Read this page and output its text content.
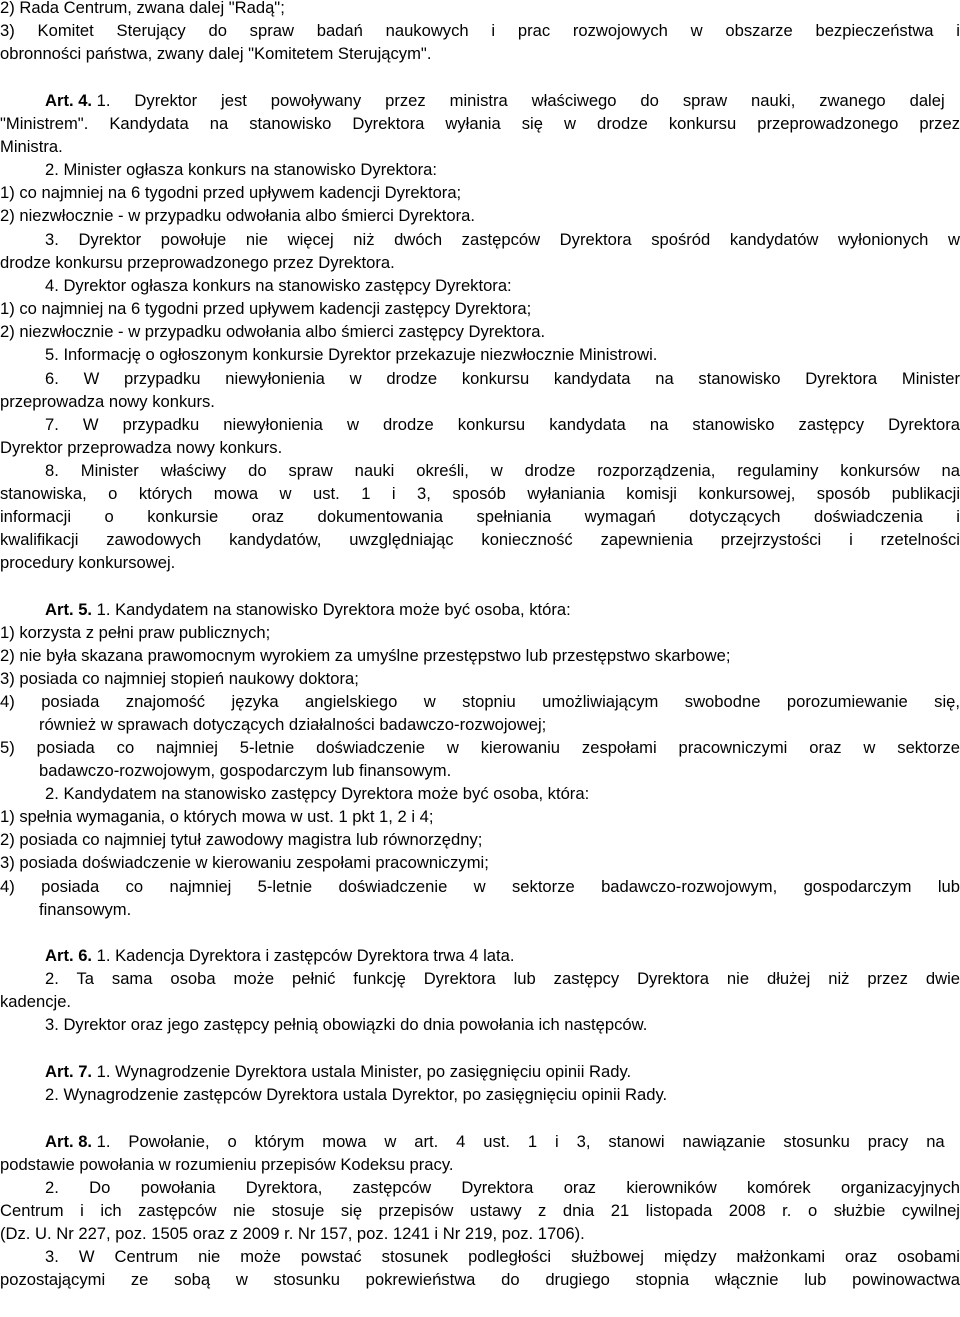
2) Rada Centrum, zwana dalej "Radą";
3) Komitet Sterujący do spraw badań naukowych i prac rozwojowych w obszarze bezpieczeństwa i
obronności państwa, zwany dalej "Komitetem Sterującym".
Art. 4. 1. Dyrektor jest powoływany przez ministra właściwego do spraw nauki, zwanego dalej
"Ministrem". Kandydata na stanowisko Dyrektora wyłania się w drodze konkursu przeprowadzonego przez
Ministra.
2. Minister ogłasza konkurs na stanowisko Dyrektora:
1) co najmniej na 6 tygodni przed upływem kadencji Dyrektora;
2) niezwłocznie - w przypadku odwołania albo śmierci Dyrektora.
3. Dyrektor powołuje nie więcej niż dwóch zastępców Dyrektora spośród kandydatów wyłonionych w
drodze konkursu przeprowadzonego przez Dyrektora.
4. Dyrektor ogłasza konkurs na stanowisko zastępcy Dyrektora:
1) co najmniej na 6 tygodni przed upływem kadencji zastępcy Dyrektora;
2) niezwłocznie - w przypadku odwołania albo śmierci zastępcy Dyrektora.
5. Informację o ogłoszonym konkursie Dyrektor przekazuje niezwłocznie Ministrowi.
6. W przypadku niewyłonienia w drodze konkursu kandydata na stanowisko Dyrektora Minister
przeprowadza nowy konkurs.
7. W przypadku niewyłonienia w drodze konkursu kandydata na stanowisko zastępcy Dyrektora
Dyrektor przeprowadza nowy konkurs.
8. Minister właściwy do spraw nauki określi, w drodze rozporządzenia, regulaminy konkursów na
stanowiska, o których mowa w ust. 1 i 3, sposób wyłaniania komisji konkursowej, sposób publikacji
informacji o konkursie oraz dokumentowania spełniania wymagań dotyczących doświadczenia i
kwalifikacji zawodowych kandydatów, uwzględniając konieczność zapewnienia przejrzystości i rzetelności
procedury konkursowej.
Art. 5. 1. Kandydatem na stanowisko Dyrektora może być osoba, która:
1) korzysta z pełni praw publicznych;
2) nie była skazana prawomocnym wyrokiem za umyślne przestępstwo lub przestępstwo skarbowe;
3) posiada co najmniej stopień naukowy doktora;
4) posiada znajomość języka angielskiego w stopniu umożliwiającym swobodne porozumiewanie się,
również w sprawach dotyczących działalności badawczo-rozwojowej;
5) posiada co najmniej 5-letnie doświadczenie w kierowaniu zespołami pracowniczymi oraz w sektorze
badawczo-rozwojowym, gospodarczym lub finansowym.
2. Kandydatem na stanowisko zastępcy Dyrektora może być osoba, która:
1) spełnia wymagania, o których mowa w ust. 1 pkt 1, 2 i 4;
2) posiada co najmniej tytuł zawodowy magistra lub równorzędny;
3) posiada doświadczenie w kierowaniu zespołami pracowniczymi;
4) posiada co najmniej 5-letnie doświadczenie w sektorze badawczo-rozwojowym, gospodarczym lub
finansowym.
Art. 6. 1. Kadencja Dyrektora i zastępców Dyrektora trwa 4 lata.
2. Ta sama osoba może pełnić funkcję Dyrektora lub zastępcy Dyrektora nie dłużej niż przez dwie
kadencje.
3. Dyrektor oraz jego zastępcy pełnią obowiązki do dnia powołania ich następców.
Art. 7. 1. Wynagrodzenie Dyrektora ustala Minister, po zasięgnięciu opinii Rady.
2. Wynagrodzenie zastępców Dyrektora ustala Dyrektor, po zasięgnięciu opinii Rady.
Art. 8. 1. Powołanie, o którym mowa w art. 4 ust. 1 i 3, stanowi nawiązanie stosunku pracy na
podstawie powołania w rozumieniu przepisów Kodeksu pracy.
2. Do powołania Dyrektora, zastępców Dyrektora oraz kierowników komórek organizacyjnych
Centrum i ich zastępców nie stosuje się przepisów ustawy z dnia 21 listopada 2008 r. o służbie cywilnej
(Dz. U. Nr 227, poz. 1505 oraz z 2009 r. Nr 157, poz. 1241 i Nr 219, poz. 1706).
3. W Centrum nie może powstać stosunek podległości służbowej między małżonkami oraz osobami
pozostającymi ze sobą w stosunku pokrewieństwa do drugiego stopnia włącznie lub powinowactwa
